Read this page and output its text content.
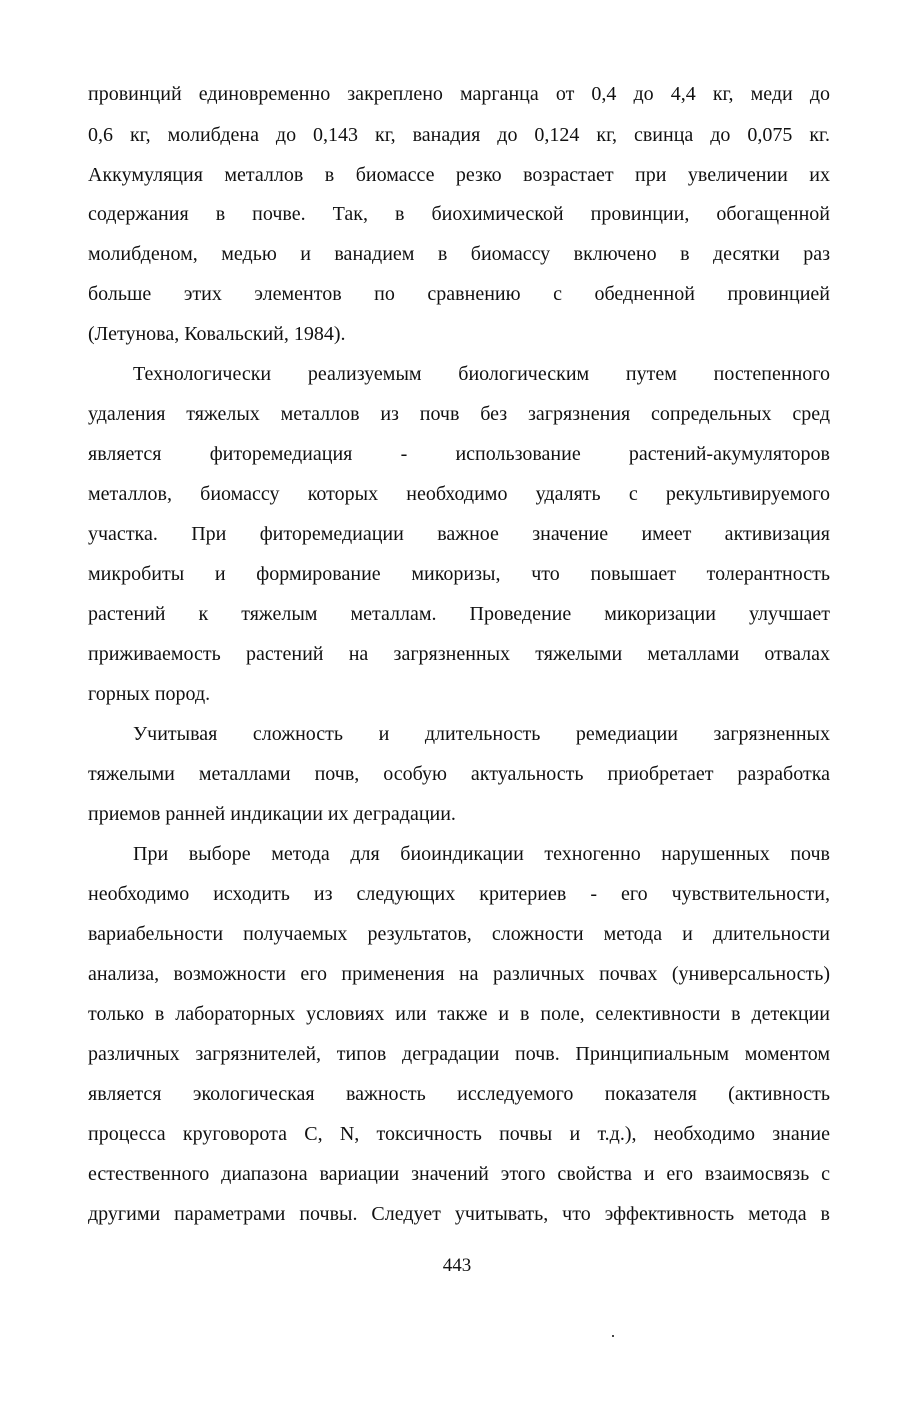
провинций единовременно закреплено марганца от 0,4 до 4,4 кг, меди до
0,6 кг, молибдена до 0,143 кг, ванадия до 0,124 кг, свинца до 0,075 кг.
Аккумуляция металлов в биомассе резко возрастает при увеличении их
содержания в почве. Так, в биохимической провинции, обогащенной
молибденом, медью и ванадием в биомассу включено в десятки раз
больше этих элементов по сравнению с обедненной провинцией
(Летунова, Ковальский, 1984).
Технологически реализуемым биологическим путем постепенного
удаления тяжелых металлов из почв без загрязнения сопредельных сред
является фиторемедиация - использование растений-акумуляторов
металлов, биомассу которых необходимо удалять с рекультивируемого
участка. При фиторемедиации важное значение имеет активизация
микробиты и формирование микоризы, что повышает толерантность
растений к тяжелым металлам. Проведение микоризации улучшает
приживаемость растений на загрязненных тяжелыми металлами отвалах
горных пород.
Учитывая сложность и длительность ремедиации загрязненных
тяжелыми металлами почв, особую актуальность приобретает разработка
приемов ранней индикации их деградации.
При выборе метода для биоиндикации техногенно нарушенных почв
необходимо исходить из следующих критериев - его чувствительности,
вариабельности получаемых результатов, сложности метода и длительности
анализа, возможности его применения на различных почвах (универсальность)
только в лабораторных условиях или также и в поле, селективности в детекции
различных загрязнителей, типов деградации почв. Принципиальным моментом
является экологическая важность исследуемого показателя (активность
процесса круговорота С, N, токсичность почвы и т.д.), необходимо знание
естественного диапазона вариации значений этого свойства и его взаимосвязь с
другими параметрами почвы. Следует учитывать, что эффективность метода в
443
